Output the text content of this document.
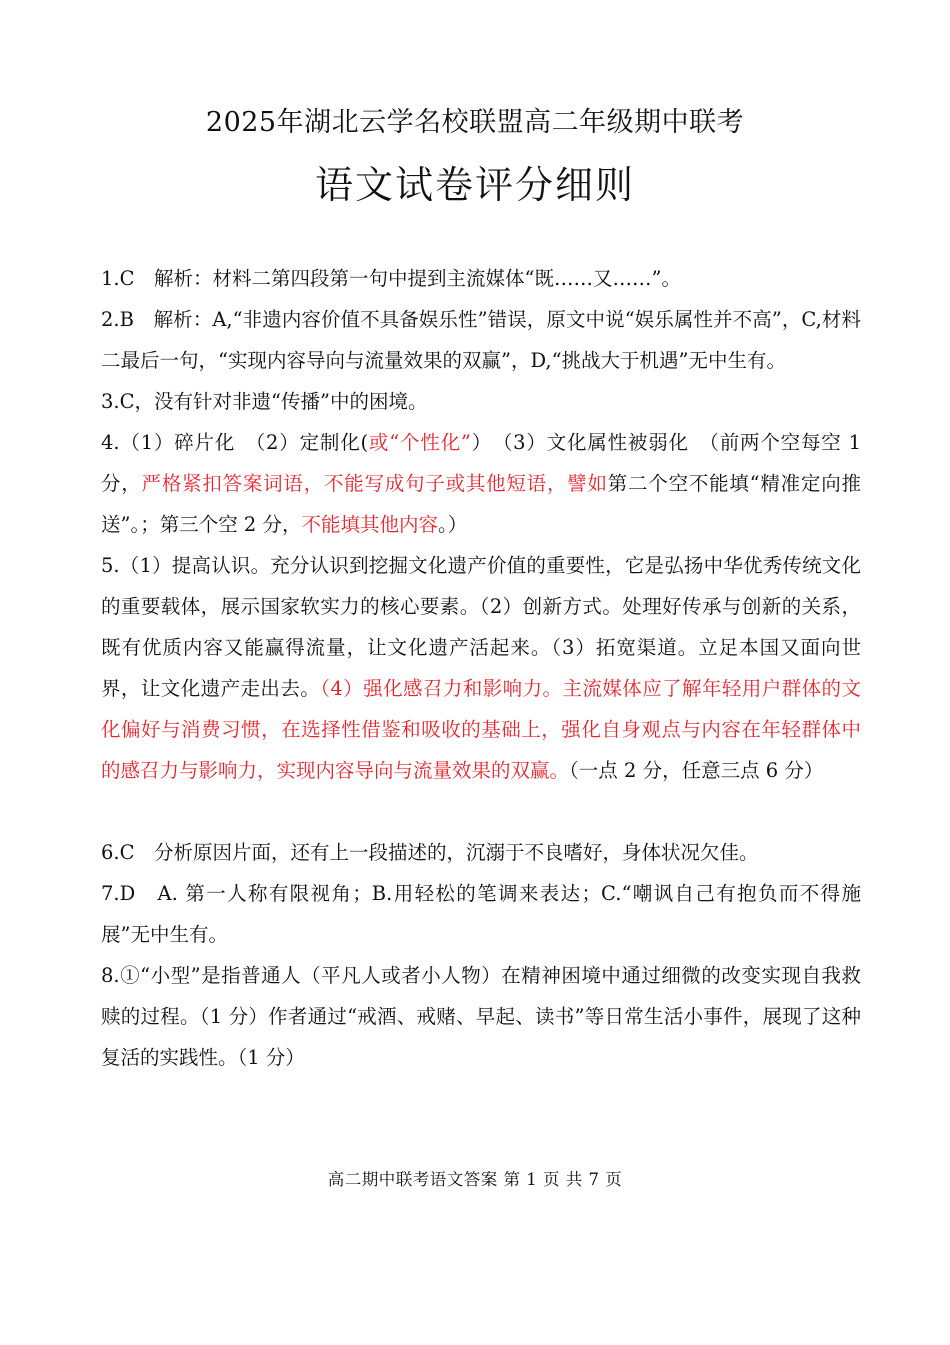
2025年湖北云学名校联盟高二年级期中联考
语文试卷评分细则

1.C　解析：材料二第四段第一句中提到主流媒体“既……又……”。

2.B　解析：A,“非遗内容价值不具备娱乐性”错误，原文中说“娱乐属性并不高”，C,材料二最后一句，“实现内容导向与流量效果的双赢”，D,“挑战大于机遇”无中生有。

3.C，没有针对非遗“传播”中的困境。

4.（1）碎片化　（2）定制化(或“个性化”）　（3）文化属性被弱化　（前两个空每空 1 分，严格紧扣答案词语，不能写成句子或其他短语，譬如第二个空不能填“精准定向推送”。；第三个空 2 分，不能填其他内容。）

5.（1）提高认识。充分认识到挖掘文化遗产价值的重要性，它是弘扬中华优秀传统文化的重要载体，展示国家软实力的核心要素。（2）创新方式。处理好传承与创新的关系，既有优质内容又能赢得流量，让文化遗产活起来。（3）拓宽渠道。立足本国又面向世界，让文化遗产走出去。（4）强化感召力和影响力。主流媒体应了解年轻用户群体的文化偏好与消费习惯，在选择性借鉴和吸收的基础上，强化自身观点与内容在年轻群体中的感召力与影响力，实现内容导向与流量效果的双赢。（一点 2 分，任意三点 6 分）

6.C　分析原因片面，还有上一段描述的，沉溺于不良嗜好，身体状况欠佳。

7.D　A. 第一人称有限视角；B.用轻松的笔调来表达；C.“嘲讽自己有抱负而不得施展”无中生有。

8.①“小型”是指普通人（平凡人或者小人物）在精神困境中通过细微的改变实现自我救赎的过程。（1 分）作者通过“戒酒、戒赌、早起、读书”等日常生活小事件，展现了这种复活的实践性。（1 分）

高二期中联考语文答案 第 1 页 共 7 页
